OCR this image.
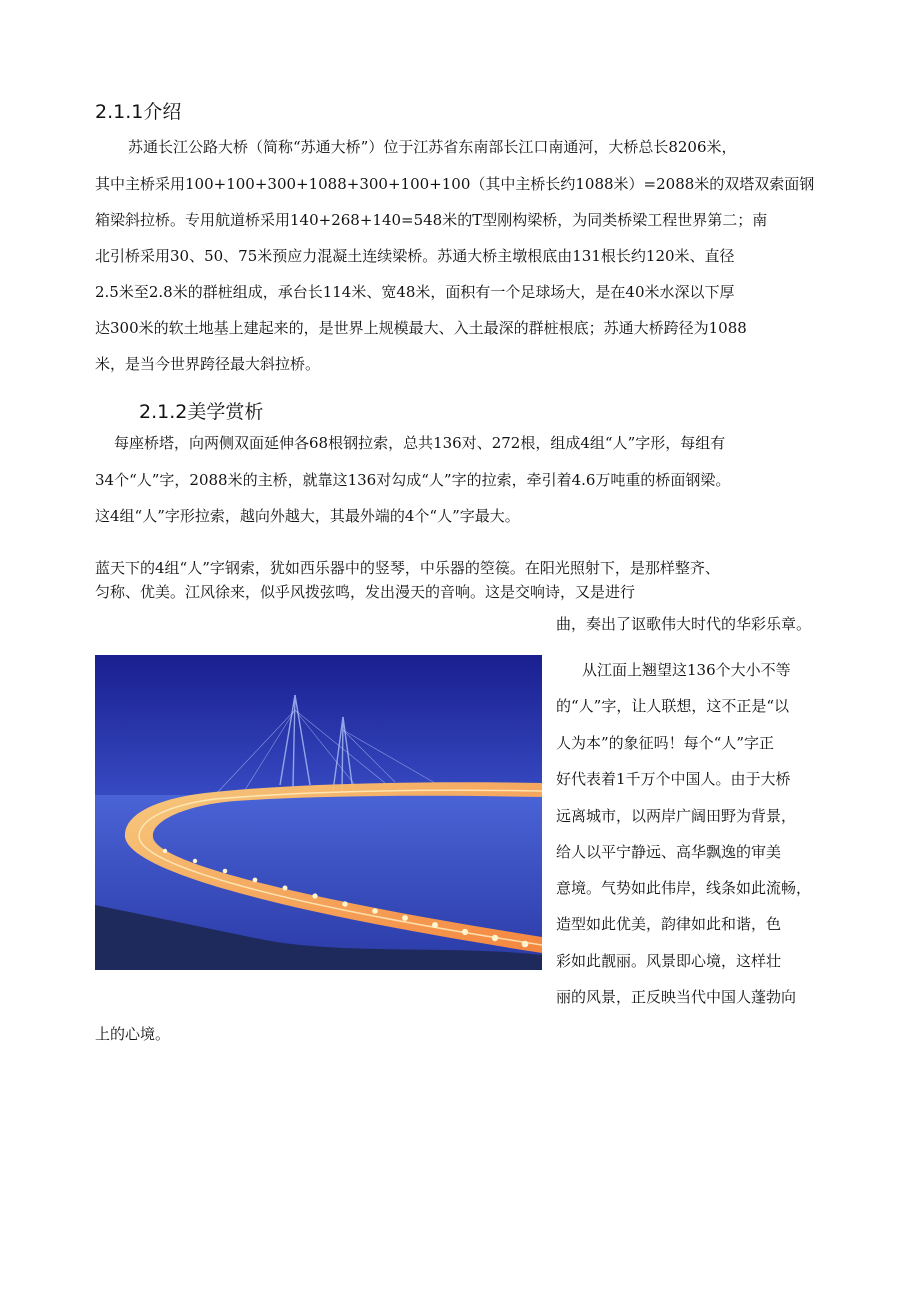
2.1.1介绍
苏通长江公路大桥（简称“苏通大桥”）位于江苏省东南部长江口南通河，大桥总长8206米，
其中主桥采用100+100+300+1088+300+100+100（其中主桥长约1088米）=2088米的双塔双索面钢
箱梁斜拉桥。专用航道桥采用140+268+140=548米的T型刚构梁桥，为同类桥梁工程世界第二；南
北引桥采用30、50、75米预应力混凝土连续梁桥。苏通大桥主墩根底由131根长约120米、直径
2.5米至2.8米的群桩组成，承台长114米、宽48米，面积有一个足球场大，是在40米水深以下厚
达300米的软土地基上建起来的，是世界上规模最大、入土最深的群桩根底；苏通大桥跨径为1088
米，是当今世界跨径最大斜拉桥。
2.1.2美学赏析
每座桥塔，向两侧双面延伸各68根钢拉索，总共136对、272根，组成4组“人”字形，每组有
34个“人”字，2088米的主桥，就靠这136对勾成“人”字的拉索，牵引着4.6万吨重的桥面钢梁。
这4组“人”字形拉索，越向外越大，其最外端的4个“人”字最大。
蓝天下的4组“人”字钢索，犹如西乐器中的竖琴，中乐器的箜篌。在阳光照射下，是那样整齐、
匀称、优美。江风徐来，似乎风拨弦鸣，发出漫天的音响。这是交响诗，又是进行
曲，奏出了讴歌伟大时代的华彩乐章。
从江面上翘望这136个大小不等
的“人”字，让人联想，这不正是“以
人为本”的象征吗！每个“人”字正
好代表着1千万个中国人。由于大桥
远离城市，以两岸广阔田野为背景，
给人以平宁静远、高华飘逸的审美
意境。气势如此伟岸，线条如此流畅，
造型如此优美，韵律如此和谐，色
彩如此靓丽。风景即心境，这样壮
丽的风景，正反映当代中国人蓬勃向
上的心境。
